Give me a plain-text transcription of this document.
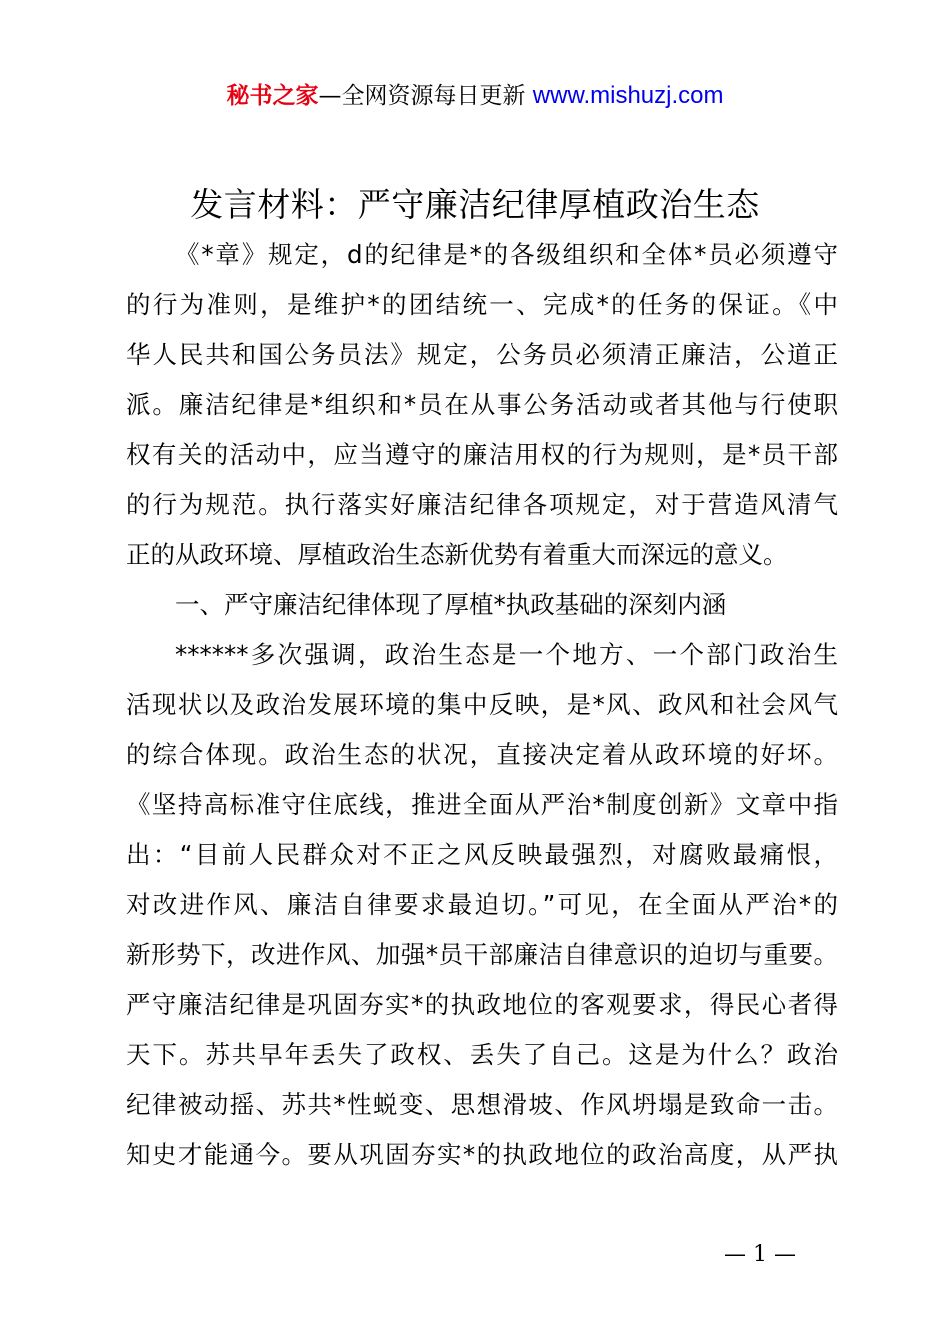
秘书之家—全网资源每日更新 www.mishuzj.com
发言材料：严守廉洁纪律厚植政治生态
《*章》规定，d的纪律是*的各级组织和全体*员必须遵守
的行为准则，是维护*的团结统一、完成*的任务的保证。《中
华人民共和国公务员法》规定，公务员必须清正廉洁，公道正
派。廉洁纪律是*组织和*员在从事公务活动或者其他与行使职
权有关的活动中，应当遵守的廉洁用权的行为规则，是*员干部
的行为规范。执行落实好廉洁纪律各项规定，对于营造风清气
正的从政环境、厚植政治生态新优势有着重大而深远的意义。
一、严守廉洁纪律体现了厚植*执政基础的深刻内涵
******多次强调，政治生态是一个地方、一个部门政治生
活现状以及政治发展环境的集中反映，是*风、政风和社会风气
的综合体现。政治生态的状况，直接决定着从政环境的好坏。
《坚持高标准守住底线，推进全面从严治*制度创新》文章中指
出：“目前人民群众对不正之风反映最强烈，对腐败最痛恨，
对改进作风、廉洁自律要求最迫切。”可见，在全面从严治*的
新形势下，改进作风、加强*员干部廉洁自律意识的迫切与重要。
严守廉洁纪律是巩固夯实*的执政地位的客观要求，得民心者得
天下。苏共早年丢失了政权、丢失了自己。这是为什么？政治
纪律被动摇、苏共*性蜕变、思想滑坡、作风坍塌是致命一击。
知史才能通今。要从巩固夯实*的执政地位的政治高度，从严执
— 1 —
